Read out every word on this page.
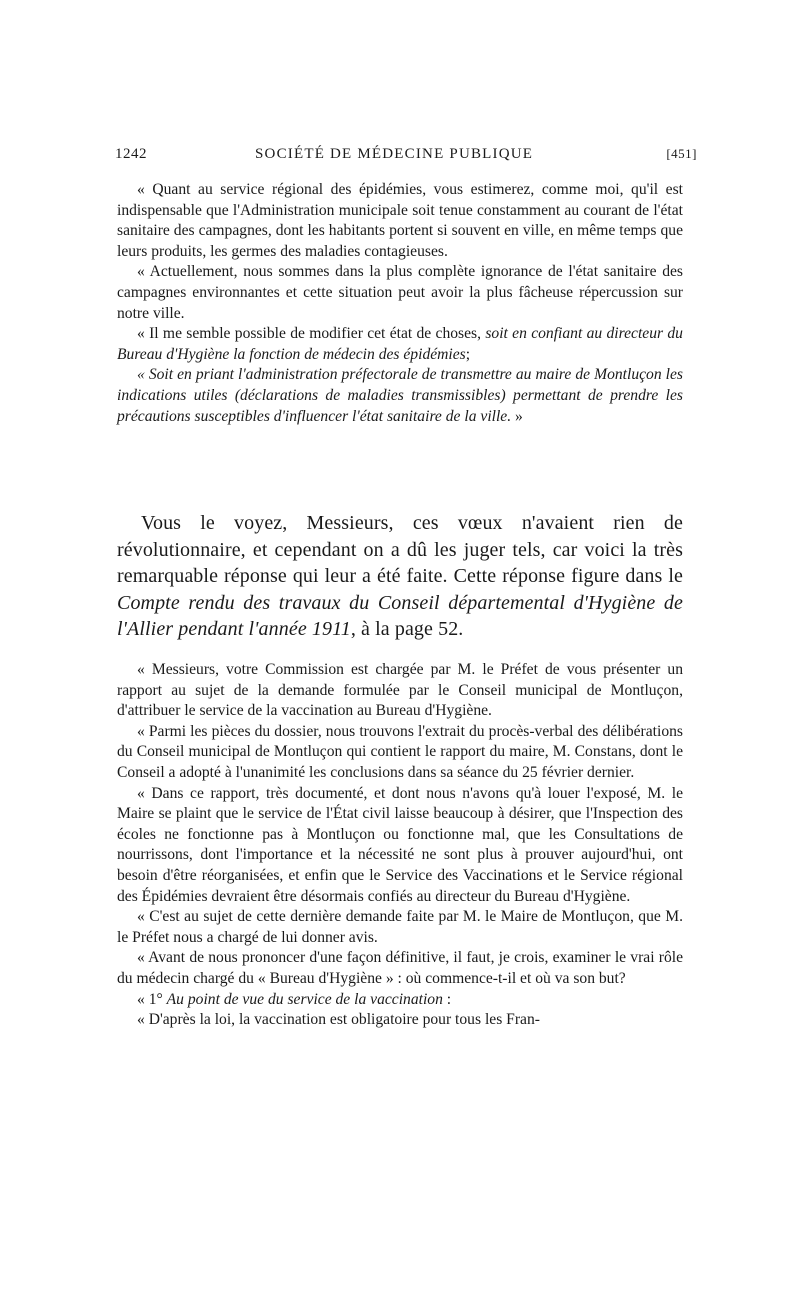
1242	SOCIÉTÉ DE MÉDECINE PUBLIQUE	[451]

« Quant au service régional des épidémies, vous estimerez, comme moi, qu'il est indispensable que l'Administration municipale soit tenue constamment au courant de l'état sanitaire des campagnes, dont les habitants portent si souvent en ville, en même temps que leurs produits, les germes des maladies contagieuses.

« Actuellement, nous sommes dans la plus complète ignorance de l'état sanitaire des campagnes environnantes et cette situation peut avoir la plus fâcheuse répercussion sur notre ville.

« Il me semble possible de modifier cet état de choses, soit en confiant au directeur du Bureau d'Hygiène la fonction de médecin des épidémies;

« Soit en priant l'administration préfectorale de transmettre au maire de Montluçon les indications utiles (déclarations de maladies transmissibles) permettant de prendre les précautions susceptibles d'influencer l'état sanitaire de la ville. »

Vous le voyez, Messieurs, ces vœux n'avaient rien de révolutionnaire, et cependant on a dû les juger tels, car voici la très remarquable réponse qui leur a été faite. Cette réponse figure dans le Compte rendu des travaux du Conseil départemental d'Hygiène de l'Allier pendant l'année 1911, à la page 52.

« Messieurs, votre Commission est chargée par M. le Préfet de vous présenter un rapport au sujet de la demande formulée par le Conseil municipal de Montluçon, d'attribuer le service de la vaccination au Bureau d'Hygiène.

« Parmi les pièces du dossier, nous trouvons l'extrait du procès-verbal des délibérations du Conseil municipal de Montluçon qui contient le rapport du maire, M. Constans, dont le Conseil a adopté à l'unanimité les conclusions dans sa séance du 25 février dernier.

« Dans ce rapport, très documenté, et dont nous n'avons qu'à louer l'exposé, M. le Maire se plaint que le service de l'État civil laisse beaucoup à désirer, que l'Inspection des écoles ne fonctionne pas à Montluçon ou fonctionne mal, que les Consultations de nourrissons, dont l'importance et la nécessité ne sont plus à prouver aujourd'hui, ont besoin d'être réorganisées, et enfin que le Service des Vaccinations et le Service régional des Épidémies devraient être désormais confiés au directeur du Bureau d'Hygiène.

« C'est au sujet de cette dernière demande faite par M. le Maire de Montluçon, que M. le Préfet nous a chargé de lui donner avis.

« Avant de nous prononcer d'une façon définitive, il faut, je crois, examiner le vrai rôle du médecin chargé du « Bureau d'Hygiène » : où commence-t-il et où va son but?

« 1° Au point de vue du service de la vaccination :

« D'après la loi, la vaccination est obligatoire pour tous les Fran-
